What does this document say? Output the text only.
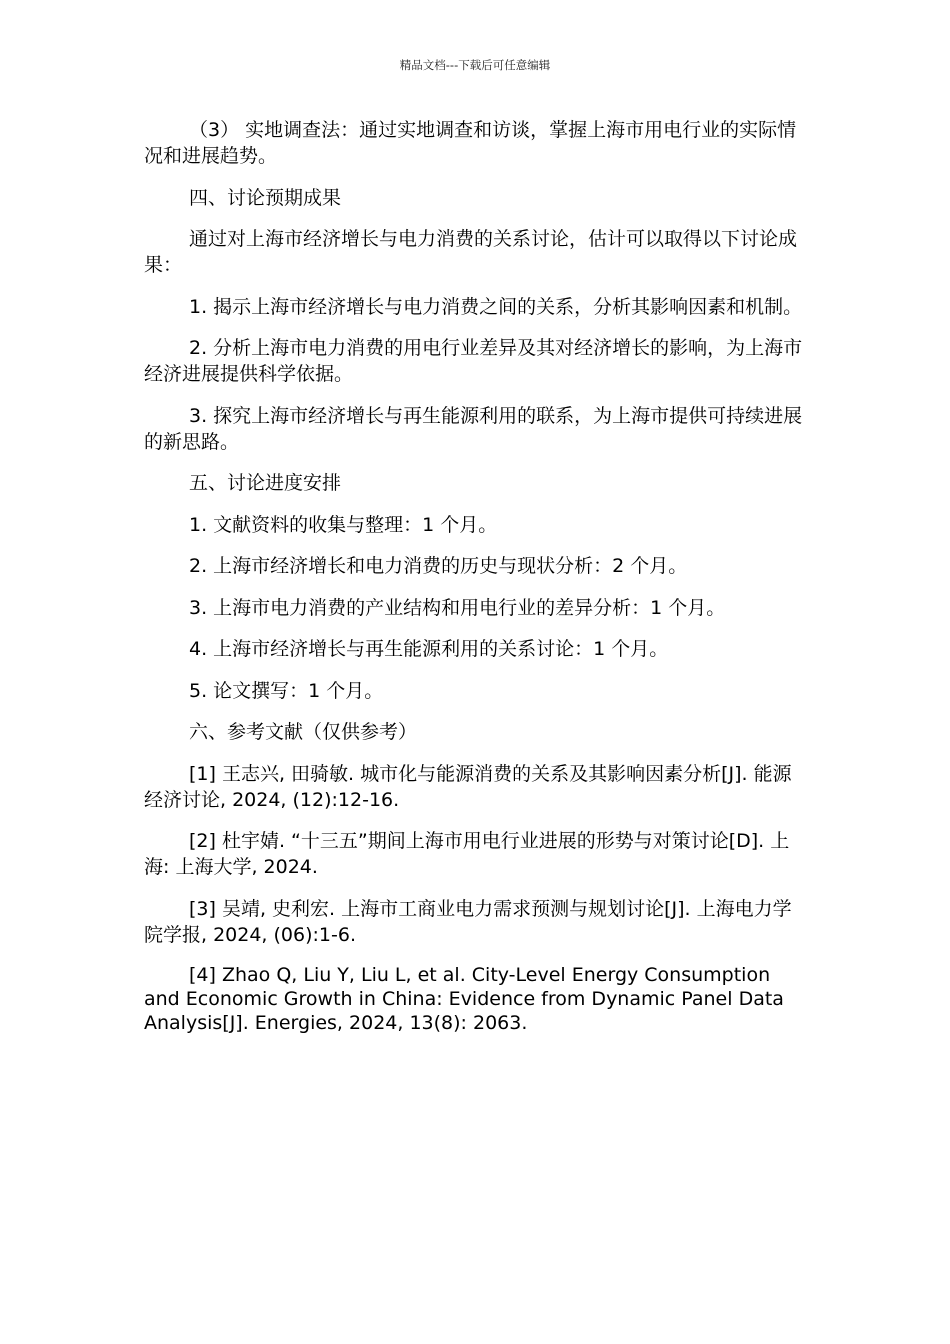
精品文档---下载后可任意编辑

（3） 实地调查法：通过实地调查和访谈，掌握上海市用电行业的实际情况和进展趋势。

四、讨论预期成果

通过对上海市经济增长与电力消费的关系讨论，估计可以取得以下讨论成果：

1. 揭示上海市经济增长与电力消费之间的关系，分析其影响因素和机制。

2. 分析上海市电力消费的用电行业差异及其对经济增长的影响，为上海市经济进展提供科学依据。

3. 探究上海市经济增长与再生能源利用的联系，为上海市提供可持续进展的新思路。

五、讨论进度安排

1. 文献资料的收集与整理：1 个月。

2. 上海市经济增长和电力消费的历史与现状分析：2 个月。

3. 上海市电力消费的产业结构和用电行业的差异分析：1 个月。

4. 上海市经济增长与再生能源利用的关系讨论：1 个月。

5. 论文撰写：1 个月。

六、参考文献（仅供参考）

[1] 王志兴, 田骑敏. 城市化与能源消费的关系及其影响因素分析[J]. 能源经济讨论, 2024, (12):12-16.

[2] 杜宇婧. “十三五”期间上海市用电行业进展的形势与对策讨论[D]. 上海: 上海大学, 2024.

[3] 吴靖, 史利宏. 上海市工商业电力需求预测与规划讨论[J]. 上海电力学院学报, 2024, (06):1-6.

[4] Zhao Q, Liu Y, Liu L, et al. City-Level Energy Consumption and Economic Growth in China: Evidence from Dynamic Panel Data Analysis[J]. Energies, 2024, 13(8): 2063.
